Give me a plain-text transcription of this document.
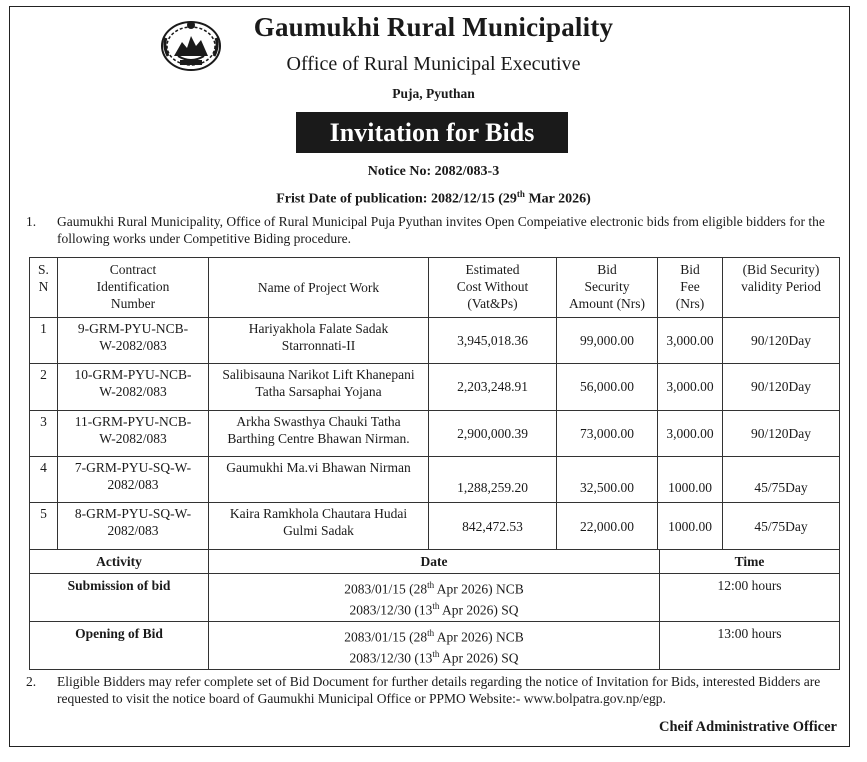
Gaumukhi Rural Municipality
Office of Rural Municipal Executive
Puja, Pyuthan
Invitation for Bids
Notice No: 2082/083-3
Frist Date of publication: 2082/12/15 (29th Mar 2026)
1. Gaumukhi Rural Municipality, Office of Rural Municipal Puja Pyuthan invites Open Compeiative electronic bids from eligible bidders for the following works under Competitive Biding procedure.
S.
N	Contract
Identification
Number	Name of Project Work	Estimated
Cost Without
(Vat&Ps)	Bid
Security
Amount (Nrs)	Bid
Fee
(Nrs)	(Bid Security)
validity Period
1	9-GRM-PYU-NCB-
W-2082/083	Hariyakhola Falate Sadak
Starronnati-II	3,945,018.36	99,000.00	3,000.00	90/120Day
2	10-GRM-PYU-NCB-
W-2082/083	Salibisauna Narikot Lift Khanepani
Tatha Sarsaphai Yojana	2,203,248.91	56,000.00	3,000.00	90/120Day
3	11-GRM-PYU-NCB-
W-2082/083	Arkha Swasthya Chauki Tatha
Barthing Centre Bhawan Nirman.	2,900,000.39	73,000.00	3,000.00	90/120Day
4	7-GRM-PYU-SQ-W-
2082/083	Gaumukhi Ma.vi Bhawan Nirman	1,288,259.20	32,500.00	1000.00	45/75Day
5	8-GRM-PYU-SQ-W-
2082/083	Kaira Ramkhola Chautara Hudai
Gulmi Sadak	842,472.53	22,000.00	1000.00	45/75Day
Activity	Date	Time
Submission of bid	2083/01/15 (28th Apr 2026) NCB
2083/12/30 (13th Apr 2026) SQ	12:00 hours
Opening of Bid	2083/01/15 (28th Apr 2026) NCB
2083/12/30 (13th Apr 2026) SQ	13:00 hours
2. Eligible Bidders may refer complete set of Bid Document for further details regarding the notice of Invitation for Bids, interested Bidders are requested to visit the notice board of Gaumukhi Municipal Office or PPMO Website:- www.bolpatra.gov.np/egp.
Cheif Administrative Officer
